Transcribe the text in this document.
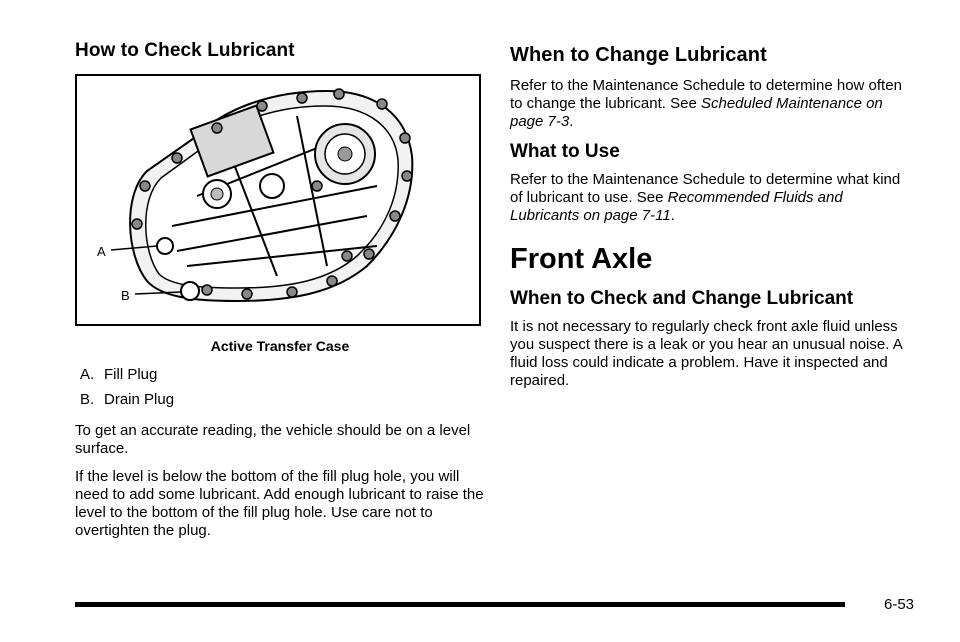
How to Check Lubricant
A
B
Active Transfer Case
A. Fill Plug
B. Drain Plug

To get an accurate reading, the vehicle should be on a level surface.

If the level is below the bottom of the fill plug hole, you will need to add some lubricant. Add enough lubricant to raise the level to the bottom of the fill plug hole. Use care not to overtighten the plug.

When to Change Lubricant

Refer to the Maintenance Schedule to determine how often to change the lubricant. See Scheduled Maintenance on page 7-3.

What to Use

Refer to the Maintenance Schedule to determine what kind of lubricant to use. See Recommended Fluids and Lubricants on page 7-11.

Front Axle
When to Check and Change Lubricant

It is not necessary to regularly check front axle fluid unless you suspect there is a leak or you hear an unusual noise. A fluid loss could indicate a problem. Have it inspected and repaired.

6-53
